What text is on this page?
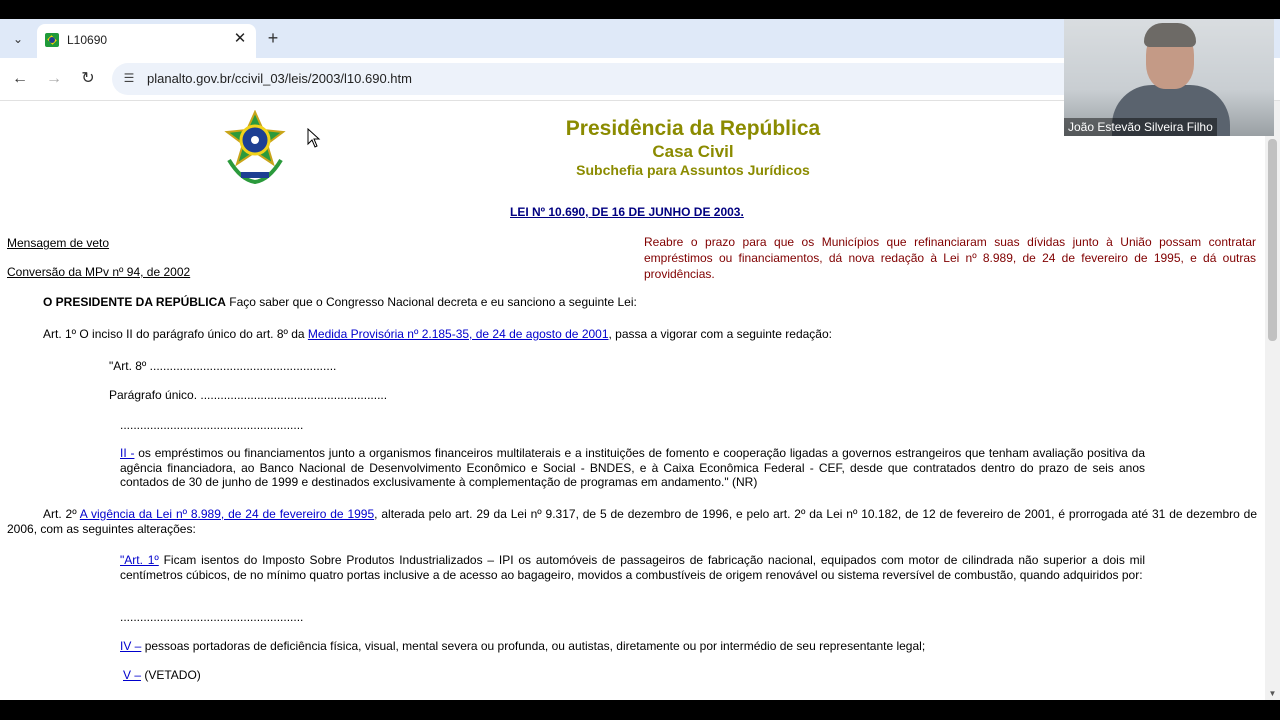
⌄	L10690	✕ +
← →	↻	☰ planalto.gov.br/ccivil_03/leis/2003/l10.690.htm
Presidência da República
Casa Civil
Subchefia para Assuntos Jurídicos
LEI Nº 10.690, DE 16 DE JUNHO DE 2003.
Mensagem de veto
Conversão da MPv nº 94, de 2002
Reabre o prazo para que os Municípios que refinanciaram suas dívidas junto à União possam contratar empréstimos ou financiamentos, dá nova redação à Lei nº 8.989, de 24 de fevereiro de 1995, e dá outras providências.
O PRESIDENTE DA REPÚBLICA Faço saber que o Congresso Nacional decreta e eu sanciono a seguinte Lei:
Art. 1º O inciso II do parágrafo único do art. 8º da Medida Provisória nº 2.185-35, de 24 de agosto de 2001, passa a vigorar com a seguinte redação:
"Art. 8º ........................................................
Parágrafo único. ........................................................
.......................................................
II - os empréstimos ou financiamentos junto a organismos financeiros multilaterais e a instituições de fomento e cooperação ligadas a governos estrangeiros que tenham avaliação positiva da agência financiadora, ao Banco Nacional de Desenvolvimento Econômico e Social - BNDES, e à Caixa Econômica Federal - CEF, desde que contratados dentro do prazo de seis anos contados de 30 de junho de 1999 e destinados exclusivamente à complementação de programas em andamento." (NR)
Art. 2º A vigência da Lei nº 8.989, de 24 de fevereiro de 1995, alterada pelo art. 29 da Lei nº 9.317, de 5 de dezembro de 1996, e pelo art. 2º da Lei nº 10.182, de 12 de fevereiro de 2001, é prorrogada até 31 de dezembro de 2006, com as seguintes alterações:
"Art. 1º Ficam isentos do Imposto Sobre Produtos Industrializados – IPI os automóveis de passageiros de fabricação nacional, equipados com motor de cilindrada não superior a dois mil centímetros cúbicos, de no mínimo quatro portas inclusive a de acesso ao bagageiro, movidos a combustíveis de origem renovável ou sistema reversível de combustão, quando adquiridos por:
.......................................................
IV – pessoas portadoras de deficiência física, visual, mental severa ou profunda, ou autistas, diretamente ou por intermédio de seu representante legal;
V – (VETADO)
▼
João Estevão Silveira Filho
